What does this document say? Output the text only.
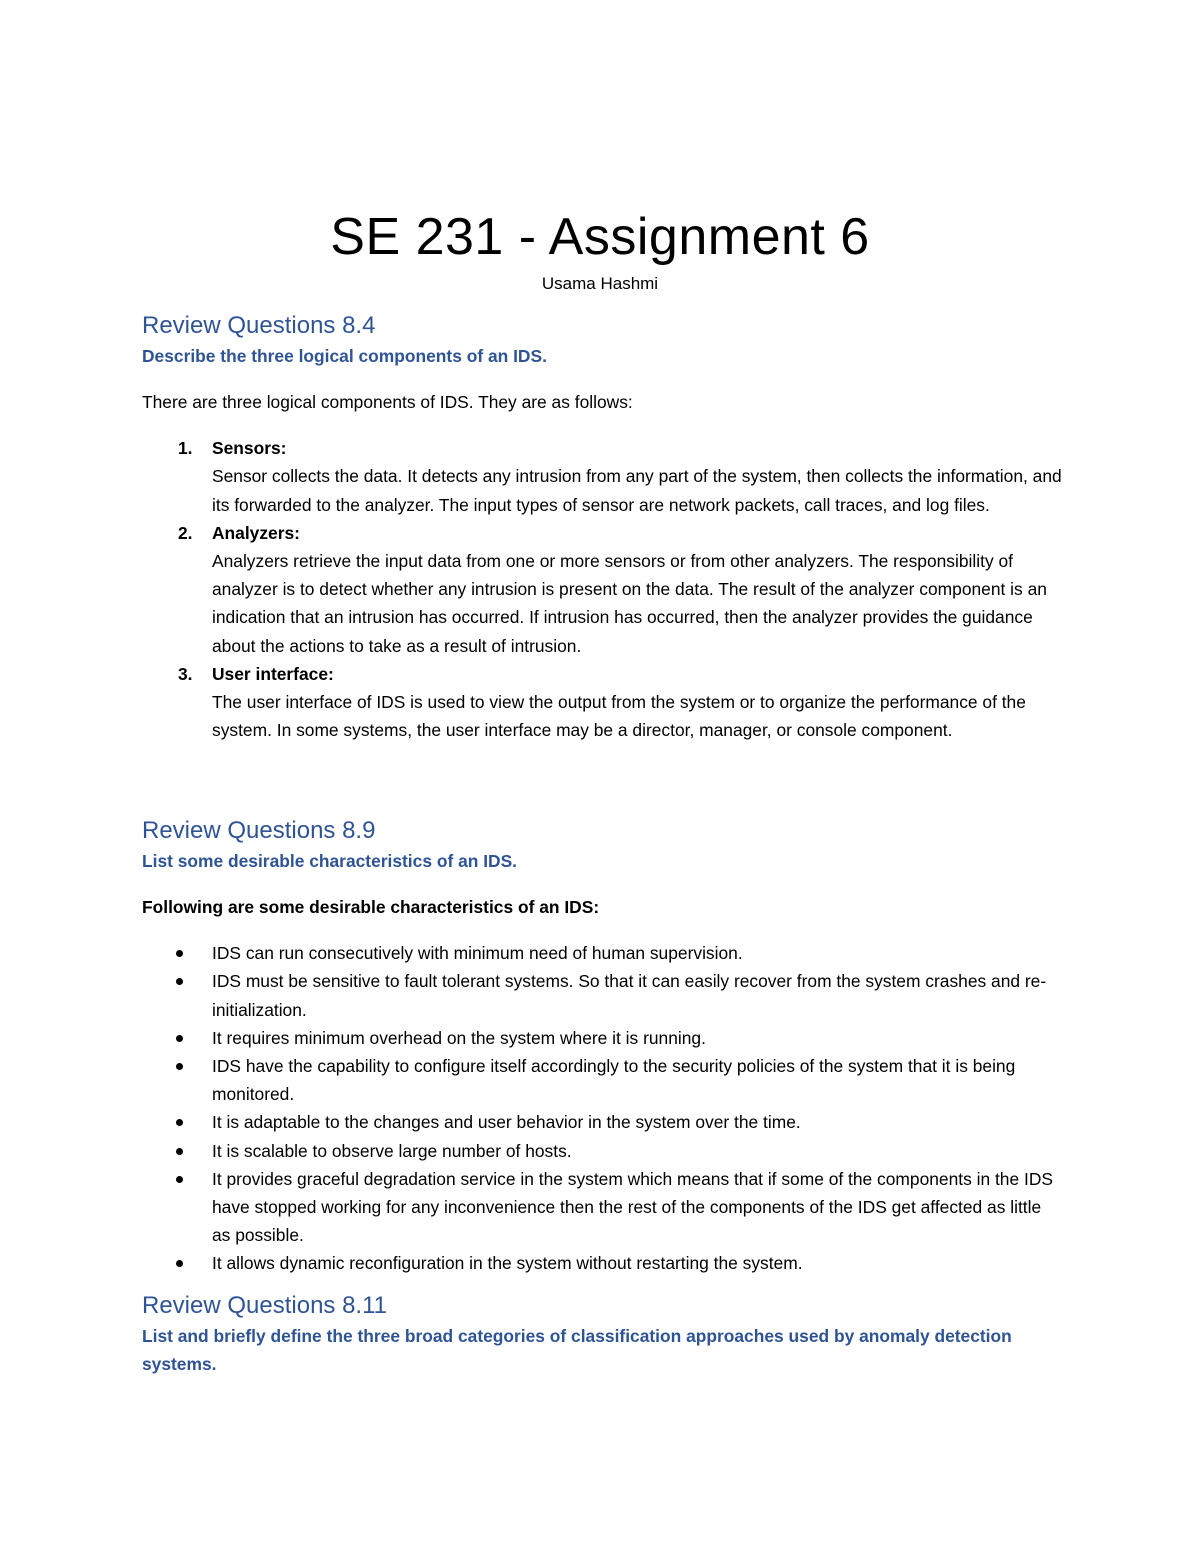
SE 231 - Assignment 6
Usama Hashmi
Review Questions 8.4
Describe the three logical components of an IDS.

There are three logical components of IDS. They are as follows:

1. Sensors:
Sensor collects the data. It detects any intrusion from any part of the system, then collects the information, and its forwarded to the analyzer. The input types of sensor are network packets, call traces, and log files.
2. Analyzers:
Analyzers retrieve the input data from one or more sensors or from other analyzers. The responsibility of analyzer is to detect whether any intrusion is present on the data. The result of the analyzer component is an indication that an intrusion has occurred. If intrusion has occurred, then the analyzer provides the guidance about the actions to take as a result of intrusion.
3. User interface:
The user interface of IDS is used to view the output from the system or to organize the performance of the system. In some systems, the user interface may be a director, manager, or console component.
Review Questions 8.9
List some desirable characteristics of an IDS.

Following are some desirable characteristics of an IDS:

IDS can run consecutively with minimum need of human supervision.
IDS must be sensitive to fault tolerant systems. So that it can easily recover from the system crashes and re-initialization.
It requires minimum overhead on the system where it is running.
IDS have the capability to configure itself accordingly to the security policies of the system that it is being monitored.
It is adaptable to the changes and user behavior in the system over the time.
It is scalable to observe large number of hosts.
It provides graceful degradation service in the system which means that if some of the components in the IDS have stopped working for any inconvenience then the rest of the components of the IDS get affected as little as possible.
It allows dynamic reconfiguration in the system without restarting the system.
Review Questions 8.11
List and briefly define the three broad categories of classification approaches used by anomaly detection systems.
